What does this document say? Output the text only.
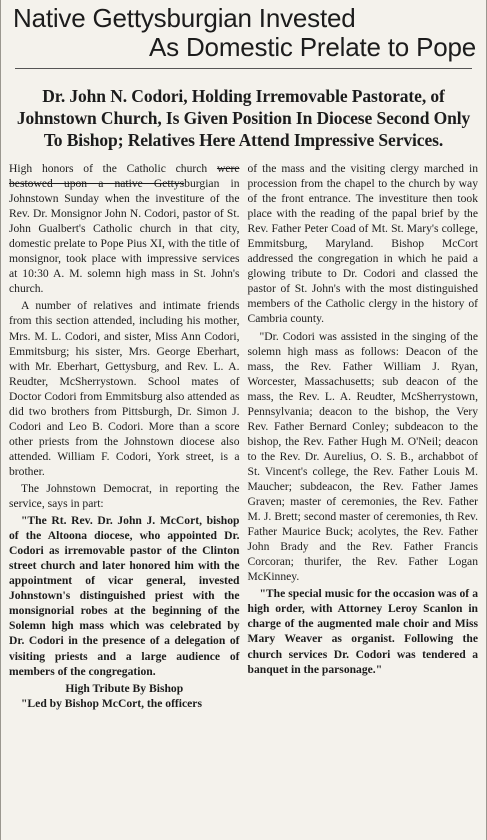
Native Gettysburgian Invested
As Domestic Prelate to Pope
Dr. John N. Codori, Holding Irremovable Pastorate, of Johnstown Church, Is Given Position In Diocese Second Only To Bishop; Relatives Here Attend Impressive Services.

High honors of the Catholic church were bestowed upon a native Gettysburgian in Johnstown Sunday when the investiture of the Rev. Dr. Monsignor John N. Codori, pastor of St. John Gualbert's Catholic church in that city, domestic prelate to Pope Pius XI, with the title of monsignor, took place with impressive services at 10:30 A. M. solemn high mass in St. John's church.

A number of relatives and intimate friends from this section attended, including his mother, Mrs. M. L. Codori, and sister, Miss Ann Codori, Emmitsburg; his sister, Mrs. George Eberhart, with Mr. Eberhart, Gettysburg, and Rev. L. A. Reudter, McSherrystown. School mates of Doctor Codori from Emmitsburg also attended as did two brothers from Pittsburgh, Dr. Simon J. Codori and Leo B. Codori. More than a score other priests from the Johnstown diocese also attended. William F. Codori, York street, is a brother.

The Johnstown Democrat, in reporting the service, says in part:

"The Rt. Rev. Dr. John J. McCort, bishop of the Altoona diocese, who appointed Dr. Codori as irremovable pastor of the Clinton street church and later honored him with the appointment of vicar general, invested Johnstown's distinguished priest with the monsignorial robes at the beginning of the Solemn high mass which was celebrated by Dr. Codori in the presence of a delegation of visiting priests and a large audience of members of the congregation.

High Tribute By Bishop

"Led by Bishop McCort, the officers

of the mass and the visiting clergy marched in procession from the chapel to the church by way of the front entrance. The investiture then took place with the reading of the papal brief by the Rev. Father Peter Coad of Mt. St. Mary's college, Emmitsburg, Maryland. Bishop McCort addressed the congregation in which he paid a glowing tribute to Dr. Codori and classed the pastor of St. John's with the most distinguished members of the Catholic clergy in the history of Cambria county.

"Dr. Codori was assisted in the singing of the solemn high mass as follows: Deacon of the mass, the Rev. Father William J. Ryan, Worcester, Massachusetts; sub deacon of the mass, the Rev. L. A. Reudter, McSherrystown, Pennsylvania; deacon to the bishop, the Very Rev. Father Bernard Conley; subdeacon to the bishop, the Rev. Father Hugh M. O'Neil; deacon to the Rev. Dr. Aurelius, O. S. B., archabbot of St. Vincent's college, the Rev. Father Louis M. Maucher; subdeacon, the Rev. Father James Graven; master of ceremonies, the Rev. Father M. J. Brett; second master of ceremonies, th Rev. Father Maurice Buck; acolytes, the Rev. Father John Brady and the Rev. Father Francis Corcoran; thurifer, the Rev. Father Logan McKinney.

"The special music for the occasion was of a high order, with Attorney Leroy Scanlon in charge of the augmented male choir and Miss Mary Weaver as organist. Following the church services Dr. Codori was tendered a banquet in the parsonage."
